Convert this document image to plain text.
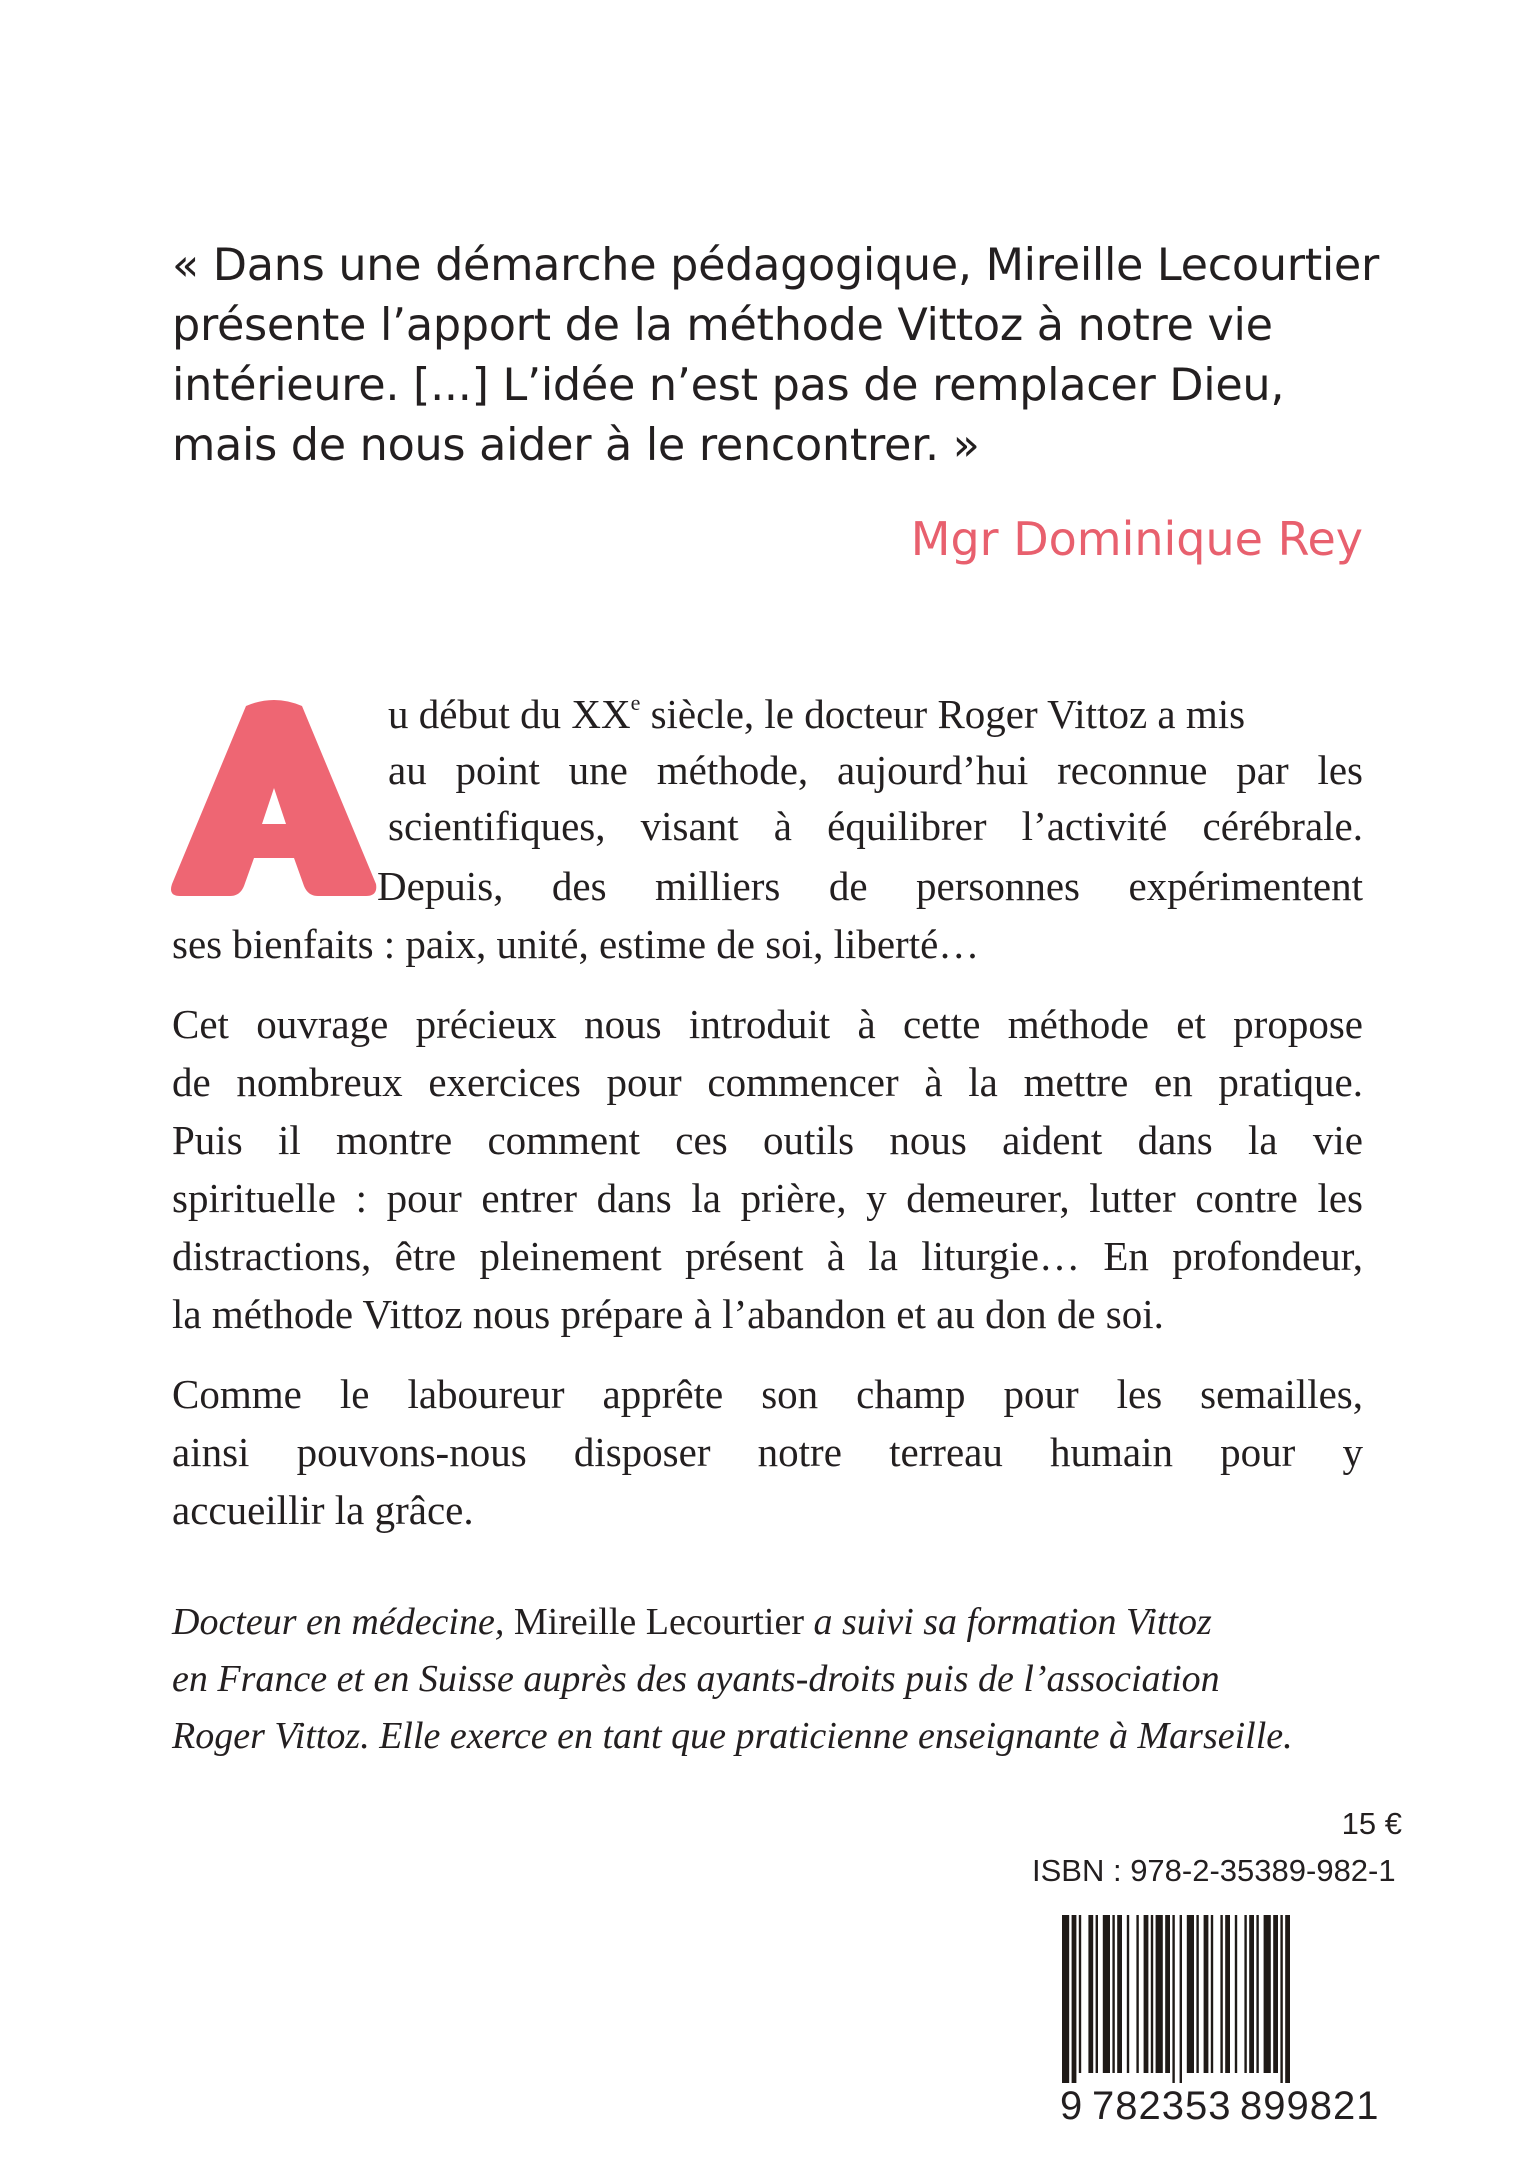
« Dans une démarche pédagogique, Mireille Lecourtier
présente l’apport de la méthode Vittoz à notre vie
intérieure. [...] L’idée n’est pas de remplacer Dieu,
mais de nous aider à le rencontrer. »
Mgr Dominique Rey
u début du XXe siècle, le docteur Roger Vittoz a mis
au point une méthode, aujourd’hui reconnue par les
scientifiques, visant à équilibrer l’activité cérébrale.
Depuis, des milliers de personnes expérimentent
ses bienfaits : paix, unité, estime de soi, liberté…
Cet ouvrage précieux nous introduit à cette méthode et propose
de nombreux exercices pour commencer à la mettre en pratique.
Puis il montre comment ces outils nous aident dans la vie
spirituelle : pour entrer dans la prière, y demeurer, lutter contre les
distractions, être pleinement présent à la liturgie… En profondeur,
la méthode Vittoz nous prépare à l’abandon et au don de soi.
Comme le laboureur apprête son champ pour les semailles,
ainsi pouvons-nous disposer notre terreau humain pour y
accueillir la grâce.
Docteur en médecine, Mireille Lecourtier a suivi sa formation Vittoz
en France et en Suisse auprès des ayants-droits puis de l’association
Roger Vittoz. Elle exerce en tant que praticienne enseignante à Marseille.
15 €
ISBN : 978-2-35389-982-1
9 782353 899821
